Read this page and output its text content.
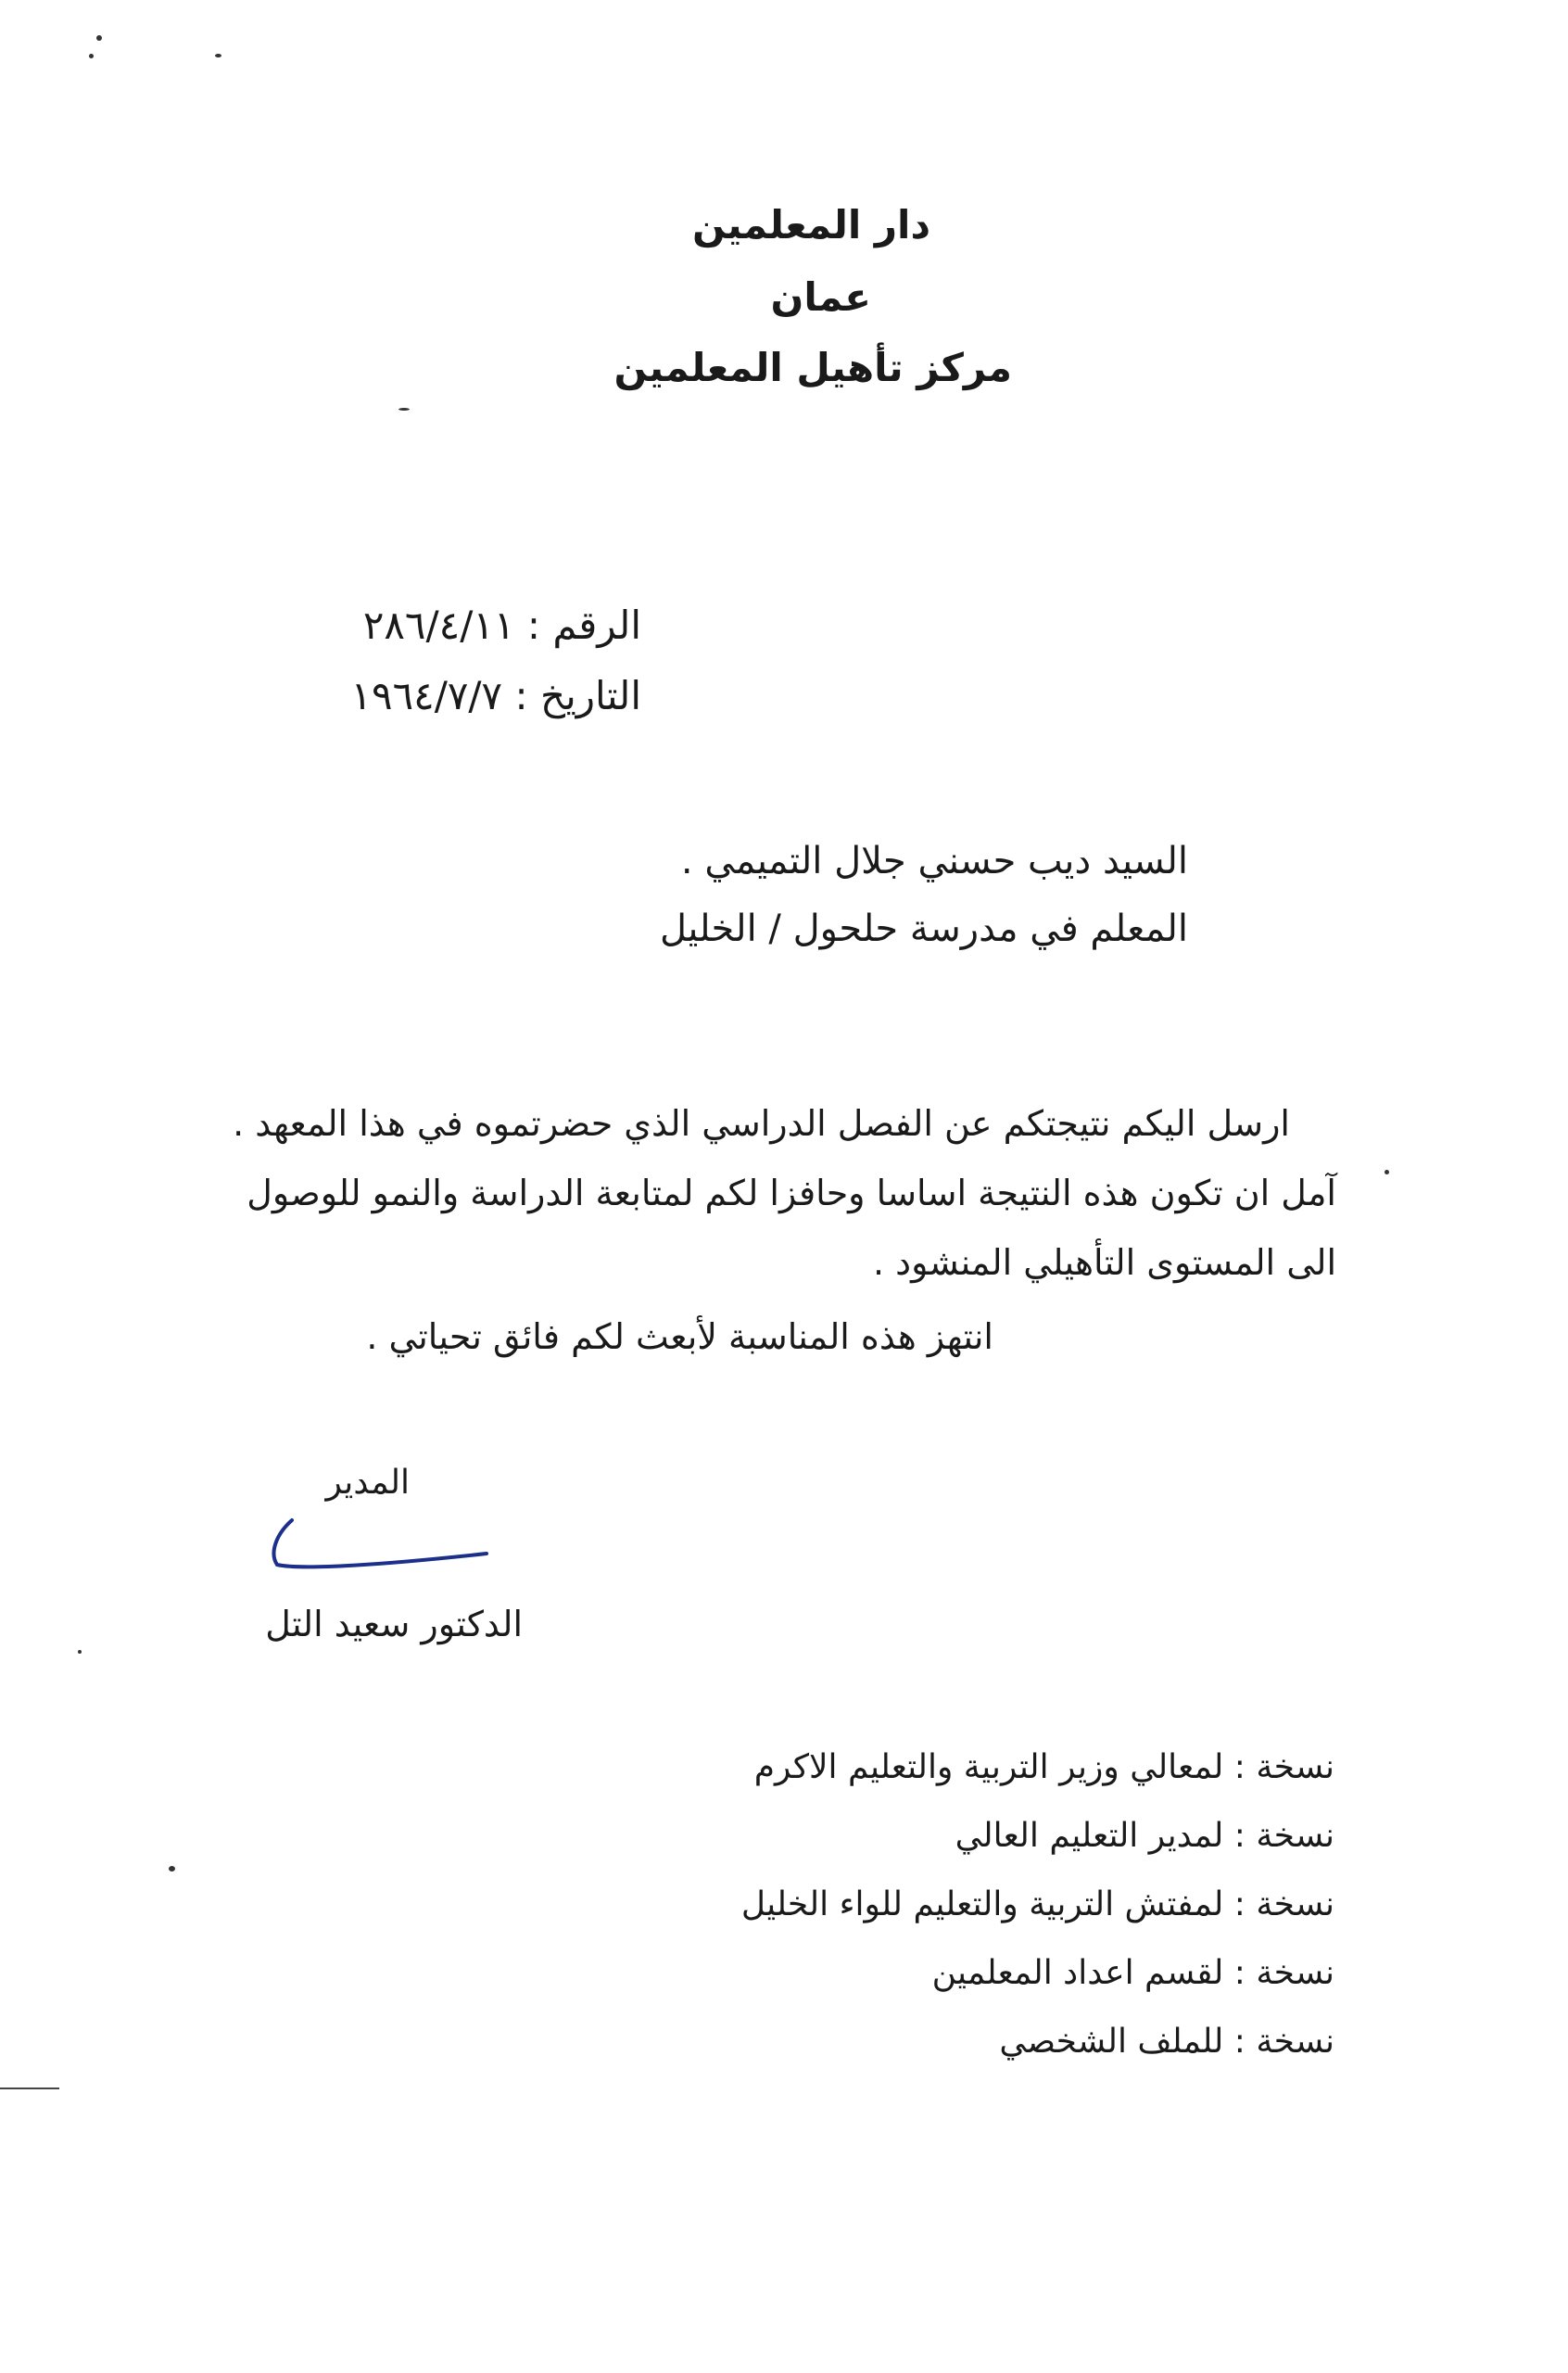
دار المعلمين
عمان
مركز تأهيل المعلمين
الرقم : ٢٨٦/٤/١١
التاريخ : ١٩٦٤/٧/٧
السيد ديب حسني جلال التميمي .
المعلم في مدرسة حلحول / الخليل
ارسل اليكم نتيجتكم عن الفصل الدراسي الذي حضرتموه في هذا المعهد .
آمل ان تكون هذه النتيجة اساسا وحافزا لكم لمتابعة الدراسة والنمو للوصول
الى المستوى التأهيلي المنشود .
انتهز هذه المناسبة لأبعث لكم فائق تحياتي .
المدير
الدكتور سعيد التل
نسخة : لمعالي وزير التربية والتعليم الاكرم
نسخة : لمدير التعليم العالي
نسخة : لمفتش التربية والتعليم للواء الخليل
نسخة : لقسم اعداد المعلمين
نسخة : للملف الشخصي
